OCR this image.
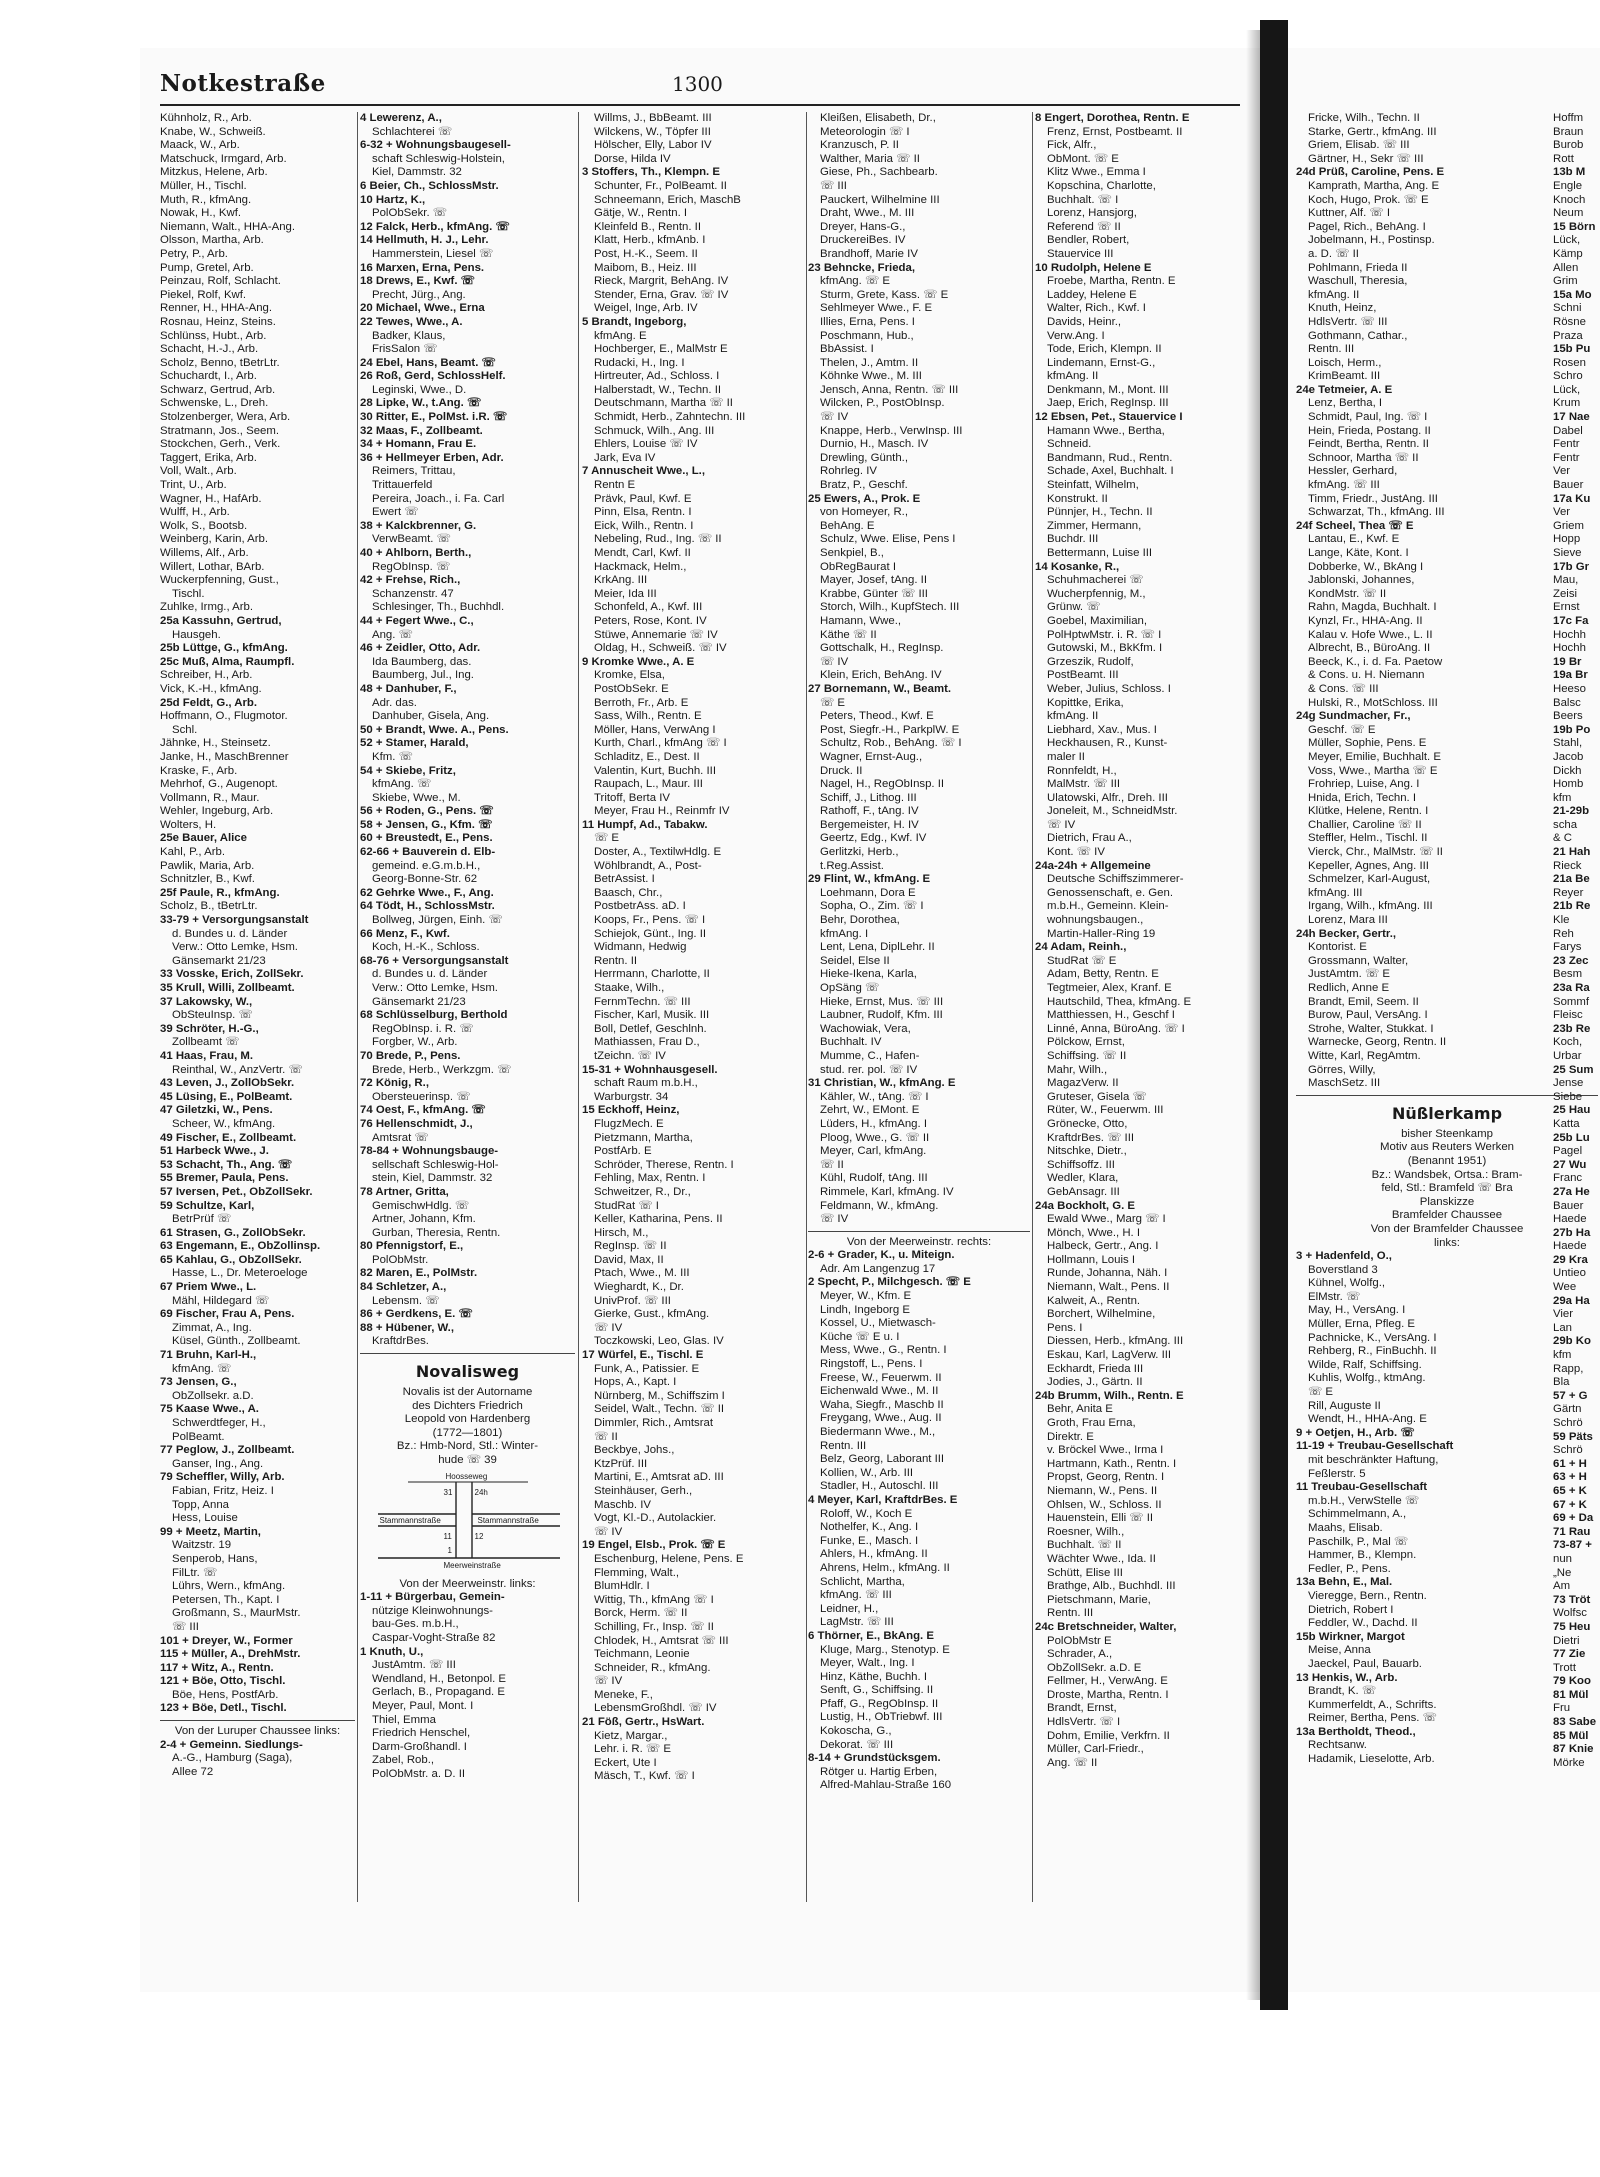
Notkestraße	1300
Kühnholz, R., Arb.
Knabe, W., Schweiß.
Maack, W., Arb.
Matschuck, Irmgard, Arb.
Mitzkus, Helene, Arb.
Müller, H., Tischl.
Muth, R., kfmAng.
Nowak, H., Kwf.
Niemann, Walt., HHA-Ang.
Olsson, Martha, Arb.
Petry, P., Arb.
Pump, Gretel, Arb.
Peinzau, Rolf, Schlacht.
Piekel, Rolf, Kwf.
Renner, H., HHA-Ang.
Rosnau, Heinz, Steins.
Schlünss, Hubt., Arb.
Schacht, H.-J., Arb.
Scholz, Benno, tBetrLtr.
Schuchardt, I., Arb.
Schwarz, Gertrud, Arb.
Schwenske, L., Dreh.
Stolzenberger, Wera, Arb.
Stratmann, Jos., Seem.
Stockchen, Gerh., Verk.
Taggert, Erika, Arb.
Voll, Walt., Arb.
Trint, U., Arb.
Wagner, H., HafArb.
Wulff, H., Arb.
Wolk, S., Bootsb.
Weinberg, Karin, Arb.
Willems, Alf., Arb.
Willert, Lothar, BArb.
Wuckerpfenning, Gust.,
Tischl.
Zuhlke, Irmg., Arb.
25a Kassuhn, Gertrud,
Hausgeh.
25b Lüttge, G., kfmAng.
25c Muß, Alma, Raumpfl.
Schreiber, H., Arb.
Vick, K.-H., kfmAng.
25d Feldt, G., Arb.
Hoffmann, O., Flugmotor.
Schl.
Jähnke, H., Steinsetz.
Janke, H., MaschBrenner
Kraske, F., Arb.
Mehrhof, G., Augenopt.
Vollmann, R., Maur.
Wehler, Ingeburg, Arb.
Wolters, H.
25e Bauer, Alice
Kahl, P., Arb.
Pawlik, Maria, Arb.
Schnitzler, B., Kwf.
25f Paule, R., kfmAng.
Scholz, B., tBetrLtr.
33-79 + Versorgungsanstalt
d. Bundes u. d. Länder
Verw.: Otto Lemke, Hsm.
Gänsemarkt 21/23
33 Vosske, Erich, ZollSekr.
35 Krull, Willi, Zollbeamt.
37 Lakowsky, W.,
ObSteuInsp. ☏
39 Schröter, H.-G.,
Zollbeamt ☏
41 Haas, Frau, M.
Reinthal, W., AnzVertr. ☏
43 Leven, J., ZollObSekr.
45 Lüsing, E., PolBeamt.
47 Giletzki, W., Pens.
Scheer, W., kfmAng.
49 Fischer, E., Zollbeamt.
51 Harbeck Wwe., J.
53 Schacht, Th., Ang. ☏
55 Bremer, Paula, Pens.
57 Iversen, Pet., ObZollSekr.
59 Schultze, Karl,
BetrPrüf ☏
61 Strasen, G., ZollObSekr.
63 Engemann, E., ObZollinsp.
65 Kahlau, G., ObZollSekr.
Hasse, L., Dr. Meteroeloge
67 Priem Wwe., L.
Mähl, Hildegard ☏
69 Fischer, Frau A, Pens.
Zimmat, A., Ing.
Küsel, Günth., Zollbeamt.
71 Bruhn, Karl-H.,
kfmAng. ☏
73 Jensen, G.,
ObZollsekr. a.D.
75 Kaase Wwe., A.
Schwerdtfeger, H.,
PolBeamt.
77 Peglow, J., Zollbeamt.
Ganser, Ing., Ang.
79 Scheffler, Willy, Arb.
Fabian, Fritz, Heiz. I
Topp, Anna
Hess, Louise
99 + Meetz, Martin,
Waitzstr. 19
Senperob, Hans,
FilLtr. ☏
Lührs, Wern., kfmAng.
Petersen, Th., Kapt. I
Großmann, S., MaurMstr.
☏ III
101 + Dreyer, W., Former
115 + Müller, A., DrehMstr.
117 + Witz, A., Rentn.
121 + Böe, Otto, Tischl.
Böe, Hens, PostfArb.
123 + Böe, Detl., Tischl.
Von der Luruper Chaussee links:
2-4 + Gemeinn. Siedlungs-
A.-G., Hamburg (Saga),
Allee 72
4 Lewerenz, A.,
Schlachterei ☏
6-32 + Wohnungsbaugesell-
schaft Schleswig-Holstein,
Kiel, Dammstr. 32
6 Beier, Ch., SchlossMstr.
10 Hartz, K.,
PolObSekr. ☏
12 Falck, Herb., kfmAng. ☏
14 Hellmuth, H. J., Lehr.
Hammerstein, Liesel ☏
16 Marxen, Erna, Pens.
18 Drews, E., Kwf. ☏
Precht, Jürg., Ang.
20 Michael, Wwe., Erna
22 Tewes, Wwe., A.
Badker, Klaus,
FrisSalon ☏
24 Ebel, Hans, Beamt. ☏
26 Roß, Gerd, SchlossHelf.
Leginski, Wwe., D.
28 Lipke, W., t.Ang. ☏
30 Ritter, E., PolMst. i.R. ☏
32 Maas, F., Zollbeamt.
34 + Homann, Frau E.
36 + Hellmeyer Erben, Adr.
Reimers, Trittau,
Trittauerfeld
Pereira, Joach., i. Fa. Carl
Ewert ☏
38 + Kalckbrenner, G.
VerwBeamt. ☏
40 + Ahlborn, Berth.,
RegObInsp. ☏
42 + Frehse, Rich.,
Schanzenstr. 47
Schlesinger, Th., Buchhdl.
44 + Fegert Wwe., C.,
Ang. ☏
46 + Zeidler, Otto, Adr.
Ida Baumberg, das.
Baumberg, Jul., Ing.
48 + Danhuber, F.,
Adr. das.
Danhuber, Gisela, Ang.
50 + Brandt, Wwe. A., Pens.
52 + Stamer, Harald,
Kfm. ☏
54 + Skiebe, Fritz,
kfmAng. ☏
Skiebe, Wwe., M.
56 + Roden, G., Pens. ☏
58 + Jensen, G., Kfm. ☏
60 + Breustedt, E., Pens.
62-66 + Bauverein d. Elb-
gemeind. e.G.m.b.H.,
Georg-Bonne-Str. 62
62 Gehrke Wwe., F., Ang.
64 Tödt, H., SchlossMstr.
Bollweg, Jürgen, Einh. ☏
66 Menz, F., Kwf.
Koch, H.-K., Schloss.
68-76 + Versorgungsanstalt
d. Bundes u. d. Länder
Verw.: Otto Lemke, Hsm.
Gänsemarkt 21/23
68 Schlüsselburg, Berthold
RegObInsp. i. R. ☏
Forgber, W., Arb.
70 Brede, P., Pens.
Brede, Herb., Werkzgm. ☏
72 König, R.,
Obersteuerinsp. ☏
74 Oest, F., kfmAng. ☏
76 Hellenschmidt, J.,
Amtsrat ☏
78-84 + Wohnungsbauge-
sellschaft Schleswig-Hol-
stein, Kiel, Dammstr. 32
78 Artner, Gritta,
GemischwHdlg. ☏
Artner, Johann, Kfm.
Gurban, Theresia, Rentn.
80 Pfennigstorf, E.,
PolObMstr.
82 Maren, E., PolMstr.
84 Schletzer, A.,
Lebensm. ☏
86 + Gerdkens, E. ☏
88 + Hübener, W.,
KraftdrBes.
Novalisweg
Novalis ist der Autorname
des Dichters Friedrich
Leopold von Hardenberg
(1772—1801)
Bz.: Hmb-Nord, Stl.: Winter-
hude ☏ 39
Hoosseweg
Stammannstraße	Stammannstraße
Meerweinstraße
31	24h
11
1
12
Von der Meerweinstr. links:
1-11 + Bürgerbau, Gemein-
nützige Kleinwohnungs-
bau-Ges. m.b.H.,
Caspar-Voght-Straße 82
1 Knuth, U.,
JustAmtm. ☏ III
Wendland, H., Betonpol. E
Gerlach, B., Propagand. E
Meyer, Paul, Mont. I
Thiel, Emma
Friedrich Henschel,
Darm-Großhandl. I
Zabel, Rob.,
PolObMstr. a. D. II
Willms, J., BbBeamt. III
Wilckens, W., Töpfer III
Hölscher, Elly, Labor IV
Dorse, Hilda IV
3 Stoffers, Th., Klempn. E
Schunter, Fr., PolBeamt. II
Schneemann, Erich, MaschB
Gätje, W., Rentn. I
Kleinfeld B., Rentn. II
Klatt, Herb., kfmAnb. I
Post, H.-K., Seem. II
Maibom, B., Heiz. III
Rieck, Margrit, BehAng. IV
Stender, Erna, Grav. ☏ IV
Weigel, Inge, Arb. IV
5 Brandt, Ingeborg,
kfmAng. E
Hochberger, E., MalMstr E
Rudacki, H., Ing. I
Hirtreuter, Ad., Schloss. I
Halberstadt, W., Techn. II
Deutschmann, Martha ☏ II
Schmidt, Herb., Zahntechn. III
Schmuck, Wilh., Ang. III
Ehlers, Louise ☏ IV
Jark, Eva IV
7 Annuscheit Wwe., L.,
Rentn E
Prävk, Paul, Kwf. E
Pinn, Elsa, Rentn. I
Eick, Wilh., Rentn. I
Nebeling, Rud., Ing. ☏ II
Mendt, Carl, Kwf. II
Hackmack, Helm.,
KrkAng. III
Meier, Ida III
Schonfeld, A., Kwf. III
Peters, Rose, Kont. IV
Stüwe, Annemarie ☏ IV
Oldag, H., Schweiß. ☏ IV
9 Kromke Wwe., A. E
Kromke, Elsa,
PostObSekr. E
Berroth, Fr., Arb. E
Sass, Wilh., Rentn. E
Möller, Hans, VerwAng I
Kurth, Charl., kfmAng ☏ I
Schladitz, E., Dest. II
Valentin, Kurt, Buchh. III
Raupach, L., Maur. III
Tritoff, Berta IV
Meyer, Frau H., Reinmfr IV
11 Humpf, Ad., Tabakw.
☏ E
Doster, A., TextilwHdlg. E
Wöhlbrandt, A., Post-
BetrAssist. I
Baasch, Chr.,
PostbetrAss. aD. I
Koops, Fr., Pens. ☏ I
Schiejok, Günt., Ing. II
Widmann, Hedwig
Rentn. II
Herrmann, Charlotte, II
Staake, Wilh.,
FernmTechn. ☏ III
Fischer, Karl, Musik. III
Boll, Detlef, Geschlnh.
Mathiassen, Frau D.,
tZeichn. ☏ IV
15-31 + Wohnhausgesell.
schaft Raum m.b.H.,
Warburgstr. 34
15 Eckhoff, Heinz,
FlugzMech. E
Pietzmann, Martha,
PostfArb. E
Schröder, Therese, Rentn. I
Fehling, Max, Rentn. I
Schweitzer, R., Dr.,
StudRat ☏ I
Keller, Katharina, Pens. II
Hirsch, M.,
RegInsp. ☏ II
David, Max, II
Ptach, Wwe., M. III
Wieghardt, K., Dr.
UnivProf. ☏ III
Gierke, Gust., kfmAng.
☏ IV
Toczkowski, Leo, Glas. IV
17 Würfel, E., Tischl. E
Funk, A., Patissier. E
Hops, A., Kapt. I
Nürnberg, M., Schiffszim I
Seidel, Walt., Techn. ☏ II
Dimmler, Rich., Amtsrat
☏ II
Beckbye, Johs.,
KtzPrüf. III
Martini, E., Amtsrat aD. III
Steinhäuser, Gerh.,
Maschb. IV
Vogt, Kl.-D., Autolackier.
☏ IV
19 Engel, Elsb., Prok. ☏ E
Eschenburg, Helene, Pens. E
Flemming, Walt.,
BlumHdlr. I
Wittig, Th., kfmAng ☏ I
Borck, Herm. ☏ II
Schilling, Fr., Insp. ☏ II
Chlodek, H., Amtsrat ☏ III
Teichmann, Leonie
Schneider, R., kfmAng.
☏ IV
Meneke, F.,
LebensmGroßhdl. ☏ IV
21 Föß, Gertr., HsWart.
Kietz, Margar.,
Lehr. i. R. ☏ E
Eckert, Ute I
Mäsch, T., Kwf. ☏ I
Kleißen, Elisabeth, Dr.,
Meteorologin ☏ I
Kranzusch, P. II
Walther, Maria ☏ II
Giese, Ph., Sachbearb.
☏ III
Pauckert, Wilhelmine III
Draht, Wwe., M. III
Dreyer, Hans-G.,
DruckereiBes. IV
Brandhoff, Marie IV
23 Behncke, Frieda,
kfmAng. ☏ E
Sturm, Grete, Kass. ☏ E
Sehlmeyer Wwe., F. E
Illies, Erna, Pens. I
Poschmann, Hub.,
BbAssist. I
Thelen, J., Amtm. II
Köhnke Wwe., M. III
Jensch, Anna, Rentn. ☏ III
Wilcken, P., PostObInsp.
☏ IV
Knappe, Herb., VerwInsp. III
Durnio, H., Masch. IV
Drewling, Günth.,
Rohrleg. IV
Bratz, P., Geschf.
25 Ewers, A., Prok. E
von Homeyer, R.,
BehAng. E
Schulz, Wwe. Elise, Pens I
Senkpiel, B.,
ObRegBaurat I
Mayer, Josef, tAng. II
Krabbe, Günter ☏ III
Storch, Wilh., KupfStech. III
Hamann, Wwe.,
Käthe ☏ II
Gottschalk, H., RegInsp.
☏ IV
Klein, Erich, BehAng. IV
27 Bornemann, W., Beamt.
☏ E
Peters, Theod., Kwf. E
Post, Siegfr.-H., ParkplW. E
Schultz, Rob., BehAng. ☏ I
Wagner, Ernst-Aug.,
Druck. II
Nagel, H., RegObInsp. II
Schiff, J., Lithog. III
Rathoff, F., tAng. IV
Bergemeister, H. IV
Geertz, Edg., Kwf. IV
Gerlitzki, Herb.,
t.Reg.Assist.
29 Flint, W., kfmAng. E
Loehmann, Dora E
Sopha, O., Zim. ☏ I
Behr, Dorothea,
kfmAng. I
Lent, Lena, DiplLehr. II
Seidel, Else II
Hieke-Ikena, Karla,
OpSäng ☏
Hieke, Ernst, Mus. ☏ III
Laubner, Rudolf, Kfm. III
Wachowiak, Vera,
Buchhalt. IV
Mumme, C., Hafen-
stud. rer. pol. ☏ IV
31 Christian, W., kfmAng. E
Kähler, W., tAng. ☏ I
Zehrt, W., EMont. E
Lüders, H., kfmAng. I
Ploog, Wwe., G. ☏ II
Meyer, Carl, kfmAng.
☏ II
Kühl, Rudolf, tAng. III
Rimmele, Karl, kfmAng. IV
Feldmann, W., kfmAng.
☏ IV
Von der Meerweinstr. rechts:
2-6 + Grader, K., u. Miteign.
Adr. Am Langenzug 17
2 Specht, P., Milchgesch. ☏ E
Meyer, W., Kfm. E
Lindh, Ingeborg E
Kossel, U., Mietwasch-
Küche ☏ E u. I
Mess, Wwe., G., Rentn. I
Ringstoff, L., Pens. I
Freese, W., Feuerwm. II
Eichenwald Wwe., M. II
Waha, Siegfr., Maschb II
Freygang, Wwe., Aug. II
Biedermann Wwe., M.,
Rentn. III
Belz, Georg, Laborant III
Kollien, W., Arb. III
Stadler, H., Autoschl. III
4 Meyer, Karl, KraftdrBes. E
Roloff, W., Koch E
Nothelfer, K., Ang. I
Funke, E., Masch. I
Ahlers, H., kfmAng. II
Ahrens, Helm., kfmAng. II
Schlicht, Martha,
kfmAng. ☏ III
Leidner, H.,
LagMstr. ☏ III
6 Thörner, E., BkAng. E
Kluge, Marg., Stenotyp. E
Meyer, Walt., Ing. I
Hinz, Käthe, Buchh. I
Senft, G., Schiffsing. II
Pfaff, G., RegObInsp. II
Lustig, H., ObTriebwf. III
Kokoscha, G.,
Dekorat. ☏ III
8-14 + Grundstücksgem.
Rötger u. Hartig Erben,
Alfred-Mahlau-Straße 160
8 Engert, Dorothea, Rentn. E
Frenz, Ernst, Postbeamt. II
Fick, Alfr.,
ObMont. ☏ E
Klitz Wwe., Emma I
Kopschina, Charlotte,
Buchhalt. ☏ I
Lorenz, Hansjorg,
Referend ☏ II
Bendler, Robert,
Stauervice III
10 Rudolph, Helene E
Froebe, Martha, Rentn. E
Laddey, Helene E
Walter, Rich., Kwf. I
Davids, Heinr.,
Verw.Ang. I
Tode, Erich, Klempn. II
Lindemann, Ernst-G.,
kfmAng. II
Denkmann, M., Mont. III
Jaep, Erich, RegInsp. III
12 Ebsen, Pet., Stauervice I
Hamann Wwe., Bertha,
Schneid.
Bandmann, Rud., Rentn.
Schade, Axel, Buchhalt. I
Steinfatt, Wilhelm,
Konstrukt. II
Pünnjer, H., Techn. II
Zimmer, Hermann,
Buchdr. III
Bettermann, Luise III
14 Kosanke, R.,
Schuhmacherei ☏
Wucherpfennig, M.,
Grünw. ☏
Goebel, Maximilian,
PolHptwMstr. i. R. ☏ I
Gutowski, M., BkKfm. I
Grzeszik, Rudolf,
PostBeamt. III
Weber, Julius, Schloss. I
Kopittke, Erika,
kfmAng. II
Liebhard, Xav., Mus. I
Heckhausen, R., Kunst-
maler II
Ronnfeldt, H.,
MalMstr. ☏ III
Ulatowski, Alfr., Dreh. III
Joneleit, M., SchneidMstr.
☏ IV
Dietrich, Frau A.,
Kont. ☏ IV
24a-24h + Allgemeine
Deutsche Schiffszimmerer-
Genossenschaft, e. Gen.
m.b.H., Gemeinn. Klein-
wohnungsbaugen.,
Martin-Haller-Ring 19
24 Adam, Reinh.,
StudRat ☏ E
Adam, Betty, Rentn. E
Tegtmeier, Alex, Kranf. E
Hautschild, Thea, kfmAng. E
Matthiessen, H., Geschf I
Linné, Anna, BüroAng. ☏ I
Pölckow, Ernst,
Schiffsing. ☏ II
Mahr, Wilh.,
MagazVerw. II
Gruteser, Gisela ☏
Rüter, W., Feuerwm. III
Grönecke, Otto,
KraftdrBes. ☏ III
Nitschke, Dietr.,
Schiffsoffz. III
Wedler, Klara,
GebAnsagr. III
24a Bockholt, G. E
Ewald Wwe., Marg ☏ I
Mönch, Wwe., H. I
Halbeck, Gertr., Ang. I
Hollmann, Louis I
Runde, Johanna, Näh. I
Niemann, Walt., Pens. II
Kalweit, A., Rentn.
Borchert, Wilhelmine,
Pens. I
Diessen, Herb., kfmAng. III
Eskau, Karl, LagVerw. III
Eckhardt, Frieda III
Jodies, J., Gärtn. II
24b Brumm, Wilh., Rentn. E
Behr, Anita E
Groth, Frau Erna,
Direktr. E
v. Bröckel Wwe., Irma I
Hartmann, Kath., Rentn. I
Propst, Georg, Rentn. I
Niemann, W., Pens. II
Ohlsen, W., Schloss. II
Hauenstein, Elli ☏ II
Roesner, Wilh.,
Buchhalt. ☏ II
Wächter Wwe., Ida. II
Schütt, Elise III
Brathge, Alb., Buchhdl. III
Pietschmann, Marie,
Rentn. III
24c Bretschneider, Walter,
PolObMstr E
Schrader, A.,
ObZollSekr. a.D. E
Fellmer, H., VerwAng. E
Droste, Martha, Rentn. I
Brandt, Ernst,
HdlsVertr. ☏ I
Dohm, Emilie, Verkfrn. II
Müller, Carl-Friedr.,
Ang. ☏ II
Fricke, Wilh., Techn. II
Starke, Gertr., kfmAng. III
Griem, Elisab. ☏ III
Gärtner, H., Sekr ☏ III
24d Prüß, Caroline, Pens. E
Kamprath, Martha, Ang. E
Koch, Hugo, Prok. ☏ E
Kuttner, Alf. ☏ I
Pagel, Rich., BehAng. I
Jobelmann, H., Postinsp.
a. D. ☏ II
Pohlmann, Frieda II
Waschull, Theresia,
kfmAng. II
Knuth, Heinz,
HdlsVertr. ☏ III
Gothmann, Cathar.,
Rentn. III
Loisch, Herm.,
KrimBeamt. III
24e Tetmeier, A. E
Lenz, Bertha, I
Schmidt, Paul, Ing. ☏ I
Hein, Frieda, Postang. II
Feindt, Bertha, Rentn. II
Schnoor, Martha ☏ II
Hessler, Gerhard,
kfmAng. ☏ III
Timm, Friedr., JustAng. III
Schwarzat, Th., kfmAng. III
24f Scheel, Thea ☏ E
Lantau, E., Kwf. E
Lange, Käte, Kont. I
Dobberke, W., BkAng I
Jablonski, Johannes,
KondMstr. ☏ II
Rahn, Magda, Buchhalt. I
Kynzl, Fr., HHA-Ang. II
Kalau v. Hofe Wwe., L. II
Albrecht, B., BüroAng. II
Beeck, K., i. d. Fa. Paetow
& Cons. u. H. Niemann
& Cons. ☏ III
Hulski, R., MotSchloss. III
24g Sundmacher, Fr.,
Geschf. ☏ E
Müller, Sophie, Pens. E
Meyer, Emilie, Buchhalt. E
Voss, Wwe., Martha ☏ E
Frohriep, Luise, Ang. I
Hnida, Erich, Techn. I
Klütke, Helene, Rentn. I
Challier, Caroline ☏ II
Steffler, Helm., Tischl. II
Vierck, Chr., MalMstr. ☏ II
Kepeller, Agnes, Ang. III
Schmelzer, Karl-August,
kfmAng. III
Irgang, Wilh., kfmAng. III
Lorenz, Mara III
24h Becker, Gertr.,
Kontorist. E
Grossmann, Walter,
JustAmtm. ☏ E
Redlich, Anne E
Brandt, Emil, Seem. II
Burow, Paul, VersAng. I
Strohe, Walter, Stukkat. I
Warnecke, Georg, Rentn. II
Witte, Karl, RegAmtm.
Görres, Willy,
MaschSetz. III
Nüßlerkamp
bisher Steenkamp
Motiv aus Reuters Werken
(Benannt 1951)
Bz.: Wandsbek, Ortsa.: Bram-
feld, Stl.: Bramfeld ☏ Bra
Planskizze
Bramfelder Chaussee
Von der Bramfelder Chaussee
links:
3 + Hadenfeld, O.,
Boverstland 3
Kühnel, Wolfg.,
ElMstr. ☏
May, H., VersAng. I
Müller, Erna, Pfleg. E
Pachnicke, K., VersAng. I
Rehberg, R., FinBuchh. II
Wilde, Ralf, Schiffsing.
Kuhlis, Wolfg., ktmAng.
☏ E
Rill, Auguste II
Wendt, H., HHA-Ang. E
9 + Oetjen, H., Arb. ☏
11-19 + Treubau-Gesellschaft
mit beschränkter Haftung,
Feßlerstr. 5
11 Treubau-Gesellschaft
m.b.H., VerwStelle ☏
Schimmelmann, A.,
Maahs, Elisab.
Paschilk, P., Mal ☏
Hammer, B., Klempn.
Fedler, P., Pens.
13a Behn, E., Mal.
Vieregge, Bern., Rentn.
Dietrich, Robert I
Feddler, W., Dachd. II
15b Wirkner, Margot
Meise, Anna
Jaeckel, Paul, Bauarb.
13 Henkis, W., Arb.
Brandt, K. ☏
Kummerfeldt, A., Schrifts.
Reimer, Bertha, Pens. ☏
13a Bertholdt, Theod.,
Rechtsanw.
Hadamik, Lieselotte, Arb.
Hoffm
Braun
Burob
Rott
13b M
Engle
Knoch
Neum
15 Börn
Lück,
Kämp
Allen
Grim
15a Mo
Schni
Rösne
Praza
15b Pu
Rosen
Schro
Lück,
Krum
17 Nae
Dabel
Fentr
Fentr
Ver
Bauer
17a Ku
Ver
Griem
Hopp
Sieve
17b Gr
Mau,
Zeisi
Ernst
17c Fa
Hochh
Hochh
19 Br
19a Br
Heeso
Balsc
Beers
19b Po
Stahl,
Jacob
Dickh
Homb
kfm
21-29b
scha
& C
21 Hah
Rieck
21a Be
Reyer
21b Re
Kle
Reh
Farys
23 Zec
Besm
23a Ra
Sommf
Fleisc
23b Re
Koch,
Urbar
25 Sum
Jense
Siebe
25 Hau
Katta
25b Lu
Pagel
27 Wu
Franc
27a He
Bauer
Haede
27b Ha
Haede
29 Kra
Untieo
Wee
29a Ha
Vier
Lan
29b Ko
kfm
Rapp,
Bla
57 + G
Gärtn
Schrö
59 Päts
Schrö
61 + H
63 + H
65 + K
67 + K
69 + Da
71 Rau
73-87 +
nun
„Ne
Am
73 Tröt
Wolfsc
75 Heu
Dietri
77 Zie
Trott
79 Koo
81 Mül
Fru
83 Sabe
85 Mül
87 Knie
Mörke
